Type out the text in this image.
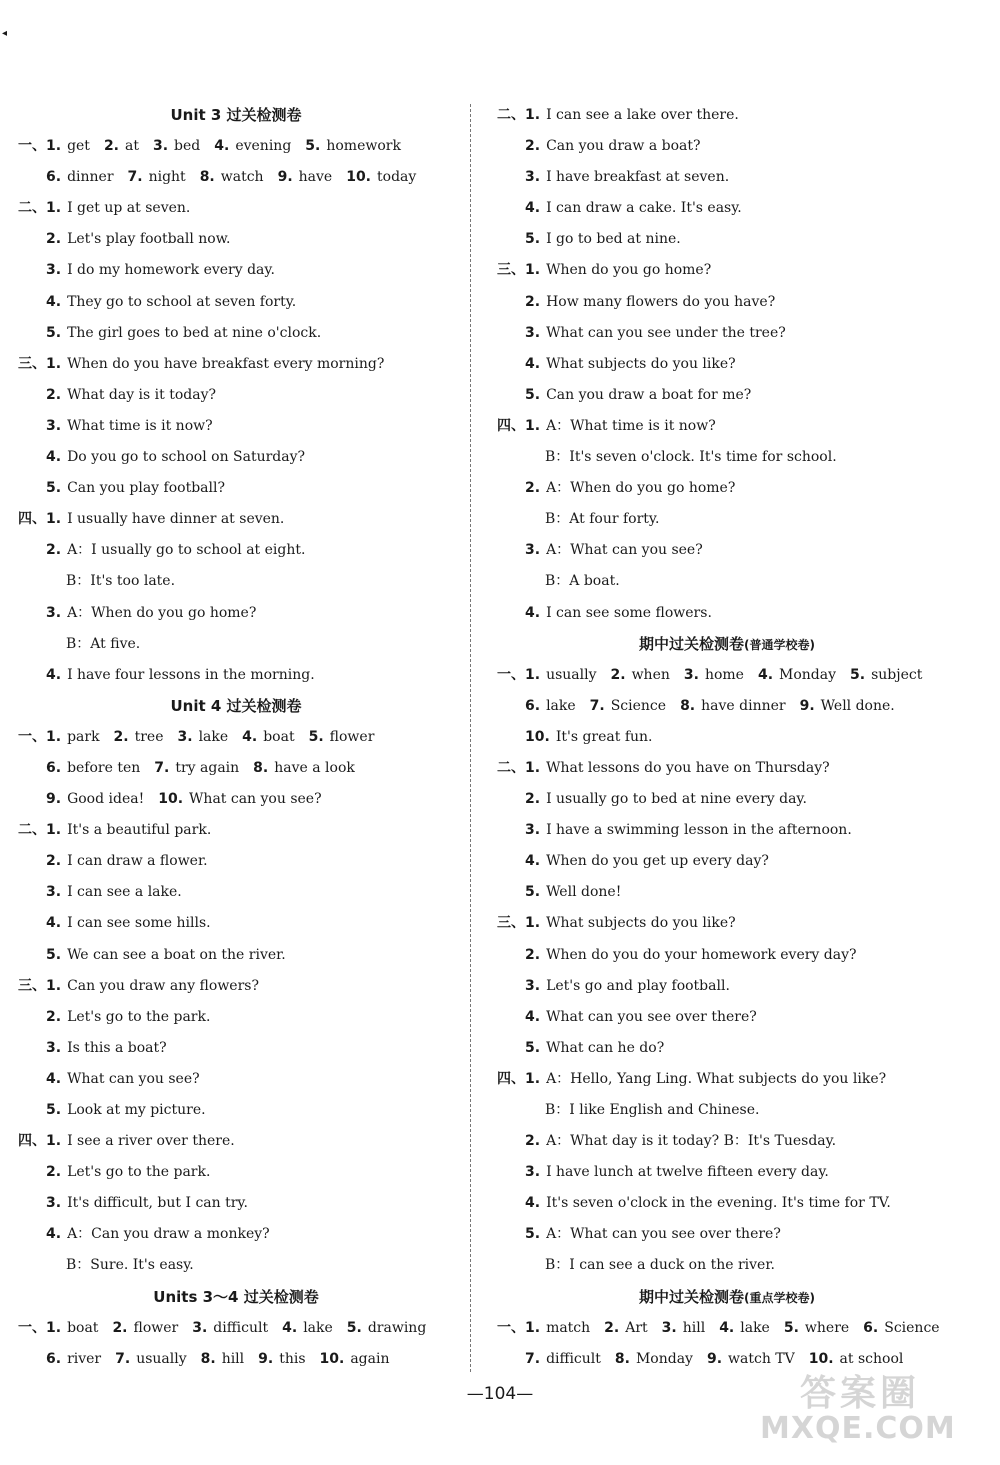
◂
Unit 3 过关检测卷
一、1. get 2. at 3. bed 4. evening 5. homework
6. dinner 7. night 8. watch 9. have 10. today
二、1. I get up at seven.
2. Let's play football now.
3. I do my homework every day.
4. They go to school at seven forty.
5. The girl goes to bed at nine o'clock.
三、1. When do you have breakfast every morning?
2. What day is it today?
3. What time is it now?
4. Do you go to school on Saturday?
5. Can you play football?
四、1. I usually have dinner at seven.
2. A：I usually go to school at eight.
B：It's too late.
3. A：When do you go home?
B：At five.
4. I have four lessons in the morning.
Unit 4 过关检测卷
一、1. park 2. tree 3. lake 4. boat 5. flower
6. before ten 7. try again 8. have a look
9. Good idea! 10. What can you see?
二、1. It's a beautiful park.
2. I can draw a flower.
3. I can see a lake.
4. I can see some hills.
5. We can see a boat on the river.
三、1. Can you draw any flowers?
2. Let's go to the park.
3. Is this a boat?
4. What can you see?
5. Look at my picture.
四、1. I see a river over there.
2. Let's go to the park.
3. It's difficult, but I can try.
4. A：Can you draw a monkey?
B：Sure. It's easy.
Units 3～4 过关检测卷
一、1. boat 2. flower 3. difficult 4. lake 5. drawing
6. river 7. usually 8. hill 9. this 10. again
二、1. I can see a lake over there.
2. Can you draw a boat?
3. I have breakfast at seven.
4. I can draw a cake. It's easy.
5. I go to bed at nine.
三、1. When do you go home?
2. How many flowers do you have?
3. What can you see under the tree?
4. What subjects do you like?
5. Can you draw a boat for me?
四、1. A：What time is it now?
B：It's seven o'clock. It's time for school.
2. A：When do you go home?
B：At four forty.
3. A：What can you see?
B：A boat.
4. I can see some flowers.
期中过关检测卷(普通学校卷)
一、1. usually 2. when 3. home 4. Monday 5. subject
6. lake 7. Science 8. have dinner 9. Well done.
10. It's great fun.
二、1. What lessons do you have on Thursday?
2. I usually go to bed at nine every day.
3. I have a swimming lesson in the afternoon.
4. When do you get up every day?
5. Well done!
三、1. What subjects do you like?
2. When do you do your homework every day?
3. Let's go and play football.
4. What can you see over there?
5. What can he do?
四、1. A：Hello, Yang Ling. What subjects do you like?
B：I like English and Chinese.
2. A：What day is it today? B：It's Tuesday.
3. I have lunch at twelve fifteen every day.
4. It's seven o'clock in the evening. It's time for TV.
5. A：What can you see over there?
B：I can see a duck on the river.
期中过关检测卷(重点学校卷)
一、1. match 2. Art 3. hill 4. lake 5. where 6. Science
7. difficult 8. Monday 9. watch TV 10. at school
—104—	答案圈
MXQE.COM
